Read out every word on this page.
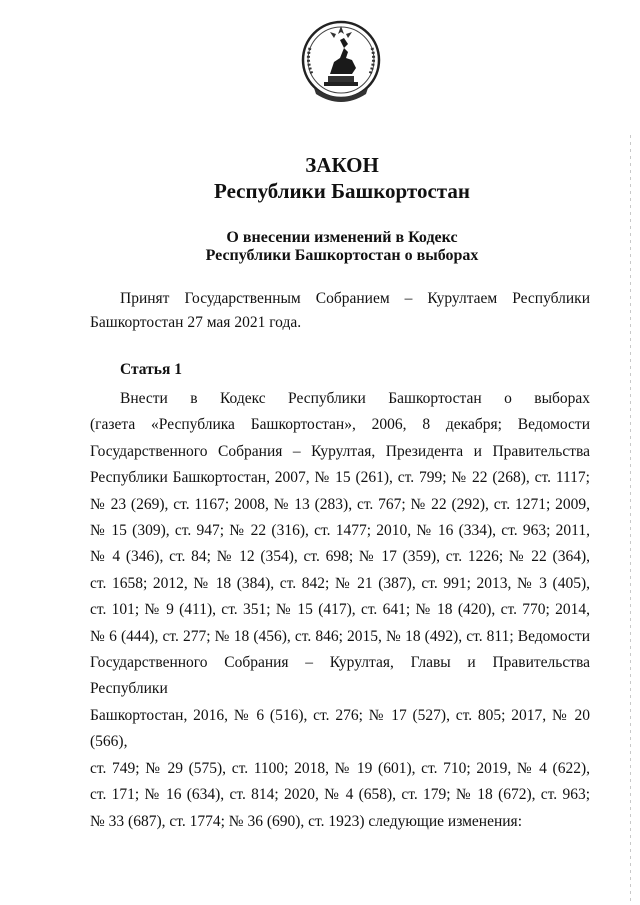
ЗАКОН
Республики Башкортостан
О внесении изменений в Кодекс
Республики Башкортостан о выборах
Принят Государственным Собранием – Курултаем Республики
Башкортостан 27 мая 2021 года.
Статья 1
Внести в Кодекс Республики Башкортостан о выборах
(газета «Республика Башкортостан», 2006, 8 декабря; Ведомости
Государственного Собрания – Курултая, Президента и Правительства
Республики Башкортостан, 2007, № 15 (261), ст. 799; № 22 (268), ст. 1117;
№ 23 (269), ст. 1167; 2008, № 13 (283), ст. 767; № 22 (292), ст. 1271; 2009,
№ 15 (309), ст. 947; № 22 (316), ст. 1477; 2010, № 16 (334), ст. 963; 2011,
№ 4 (346), ст. 84; № 12 (354), ст. 698; № 17 (359), ст. 1226; № 22 (364),
ст. 1658; 2012, № 18 (384), ст. 842; № 21 (387), ст. 991; 2013, № 3 (405),
ст. 101; № 9 (411), ст. 351; № 15 (417), ст. 641; № 18 (420), ст. 770; 2014,
№ 6 (444), ст. 277; № 18 (456), ст. 846; 2015, № 18 (492), ст. 811; Ведомости
Государственного Собрания – Курултая, Главы и Правительства Республики
Башкортостан, 2016, № 6 (516), ст. 276; № 17 (527), ст. 805; 2017, № 20 (566),
ст. 749; № 29 (575), ст. 1100; 2018, № 19 (601), ст. 710; 2019, № 4 (622),
ст. 171; № 16 (634), ст. 814; 2020, № 4 (658), ст. 179; № 18 (672), ст. 963;
№ 33 (687), ст. 1774; № 36 (690), ст. 1923) следующие изменения:
